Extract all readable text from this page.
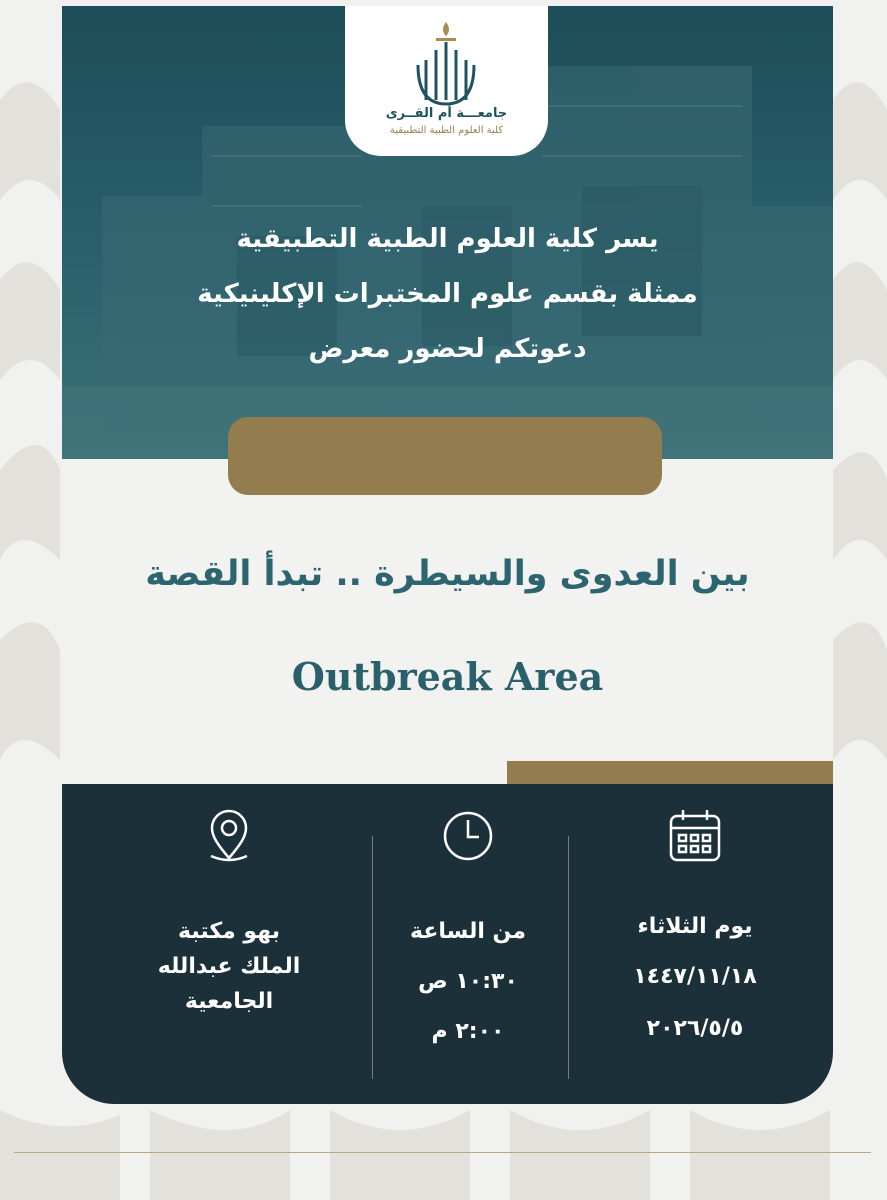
جامعـــة أم القــرى
كلية العلوم الطبية التطبيقية
يسر كلية العلوم الطبية التطبيقية
ممثلة بقسم علوم المختبرات الإكلينيكية
دعوتكم لحضور معرض
بين العدوى والسيطرة .. تبدأ القصة
Outbreak Area
يوم الثلاثاء
١٤٤٧/١١/١٨
٢٠٢٦/٥/٥
من الساعة
١٠:٣٠ ص
٢:٠٠ م
بهو مكتبة
الملك عبدالله
الجامعية
